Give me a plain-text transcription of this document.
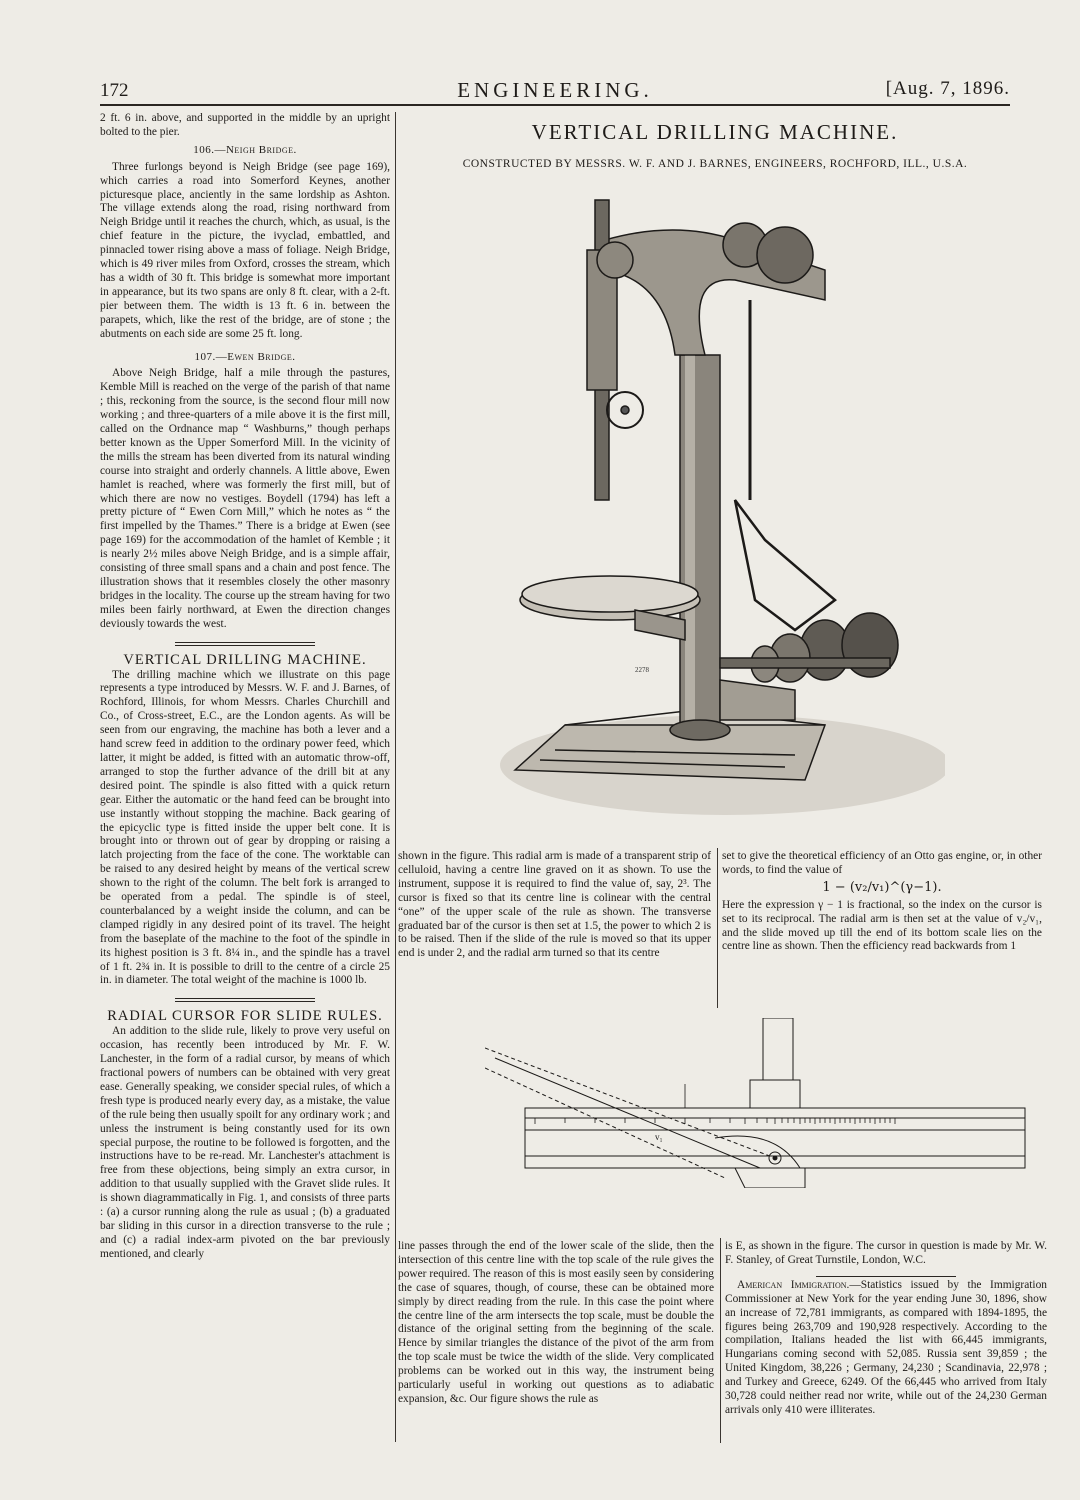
172	ENGINEERING.	[Aug. 7, 1896.

2 ft. 6 in. above, and supported in the middle by an upright bolted to the pier.

106.—Neigh Bridge.

Three furlongs beyond is Neigh Bridge (see page 169), which carries a road into Somerford Keynes, another picturesque place, anciently in the same lordship as Ashton. The village extends along the road, rising northward from Neigh Bridge until it reaches the church, which, as usual, is the chief feature in the picture, the ivyclad, embattled, and pinnacled tower rising above a mass of foliage. Neigh Bridge, which is 49 river miles from Oxford, crosses the stream, which has a width of 30 ft. This bridge is somewhat more important in appearance, but its two spans are only 8 ft. clear, with a 2-ft. pier between them. The width is 13 ft. 6 in. between the parapets, which, like the rest of the bridge, are of stone ; the abutments on each side are some 25 ft. long.

107.—Ewen Bridge.

Above Neigh Bridge, half a mile through the pastures, Kemble Mill is reached on the verge of the parish of that name ; this, reckoning from the source, is the second flour mill now working ; and three-quarters of a mile above it is the first mill, called on the Ordnance map “ Washburns,” though perhaps better known as the Upper Somerford Mill. In the vicinity of the mills the stream has been diverted from its natural winding course into straight and orderly channels. A little above, Ewen hamlet is reached, where was formerly the first mill, but of which there are now no vestiges. Boydell (1794) has left a pretty picture of “ Ewen Corn Mill,” which he notes as “ the first impelled by the Thames.” There is a bridge at Ewen (see page 169) for the accommodation of the hamlet of Kemble ; it is nearly 2½ miles above Neigh Bridge, and is a simple affair, consisting of three small spans and a chain and post fence. The illustration shows that it resembles closely the other masonry bridges in the locality. The course up the stream having for two miles been fairly northward, at Ewen the direction changes deviously towards the west.

VERTICAL DRILLING MACHINE.

The drilling machine which we illustrate on this page represents a type introduced by Messrs. W. F. and J. Barnes, of Rochford, Illinois, for whom Messrs. Charles Churchill and Co., of Cross-street, E.C., are the London agents. As will be seen from our engraving, the machine has both a lever and a hand screw feed in addition to the ordinary power feed, which latter, it might be added, is fitted with an automatic throw-off, arranged to stop the further advance of the drill bit at any desired point. The spindle is also fitted with a quick return gear. Either the automatic or the hand feed can be brought into use instantly without stopping the machine. Back gearing of the epicyclic type is fitted inside the upper belt cone. It is brought into or thrown out of gear by dropping or raising a latch projecting from the face of the cone. The worktable can be raised to any desired height by means of the vertical screw shown to the right of the column. The belt fork is arranged to be operated from a pedal. The spindle is of steel, counterbalanced by a weight inside the column, and can be clamped rigidly in any desired point of its travel. The height from the baseplate of the machine to the foot of the spindle in its highest position is 3 ft. 8¼ in., and the spindle has a travel of 1 ft. 2¾ in. It is possible to drill to the centre of a circle 25 in. in diameter. The total weight of the machine is 1000 lb.

RADIAL CURSOR FOR SLIDE RULES.

An addition to the slide rule, likely to prove very useful on occasion, has recently been introduced by Mr. F. W. Lanchester, in the form of a radial cursor, by means of which fractional powers of numbers can be obtained with very great ease. Generally speaking, we consider special rules, of which a fresh type is produced nearly every day, as a mistake, the value of the rule being then usually spoilt for any ordinary work ; and unless the instrument is being constantly used for its own special purpose, the routine to be followed is forgotten, and the instructions have to be re-read. Mr. Lanchester's attachment is free from these objections, being simply an extra cursor, in addition to that usually supplied with the Gravet slide rules. It is shown diagrammatically in Fig. 1, and consists of three parts : (a) a cursor running along the rule as usual ; (b) a graduated bar sliding in this cursor in a direction transverse to the rule ; and (c) a radial index-arm pivoted on the bar previously mentioned, and clearly

VERTICAL DRILLING MACHINE.
CONSTRUCTED BY MESSRS. W. F. AND J. BARNES, ENGINEERS, ROCHFORD, ILL., U.S.A.
2278

shown in the figure. This radial arm is made of a transparent strip of celluloid, having a centre line graved on it as shown. To use the instrument, suppose it is required to find the value of, say, 2³. The cursor is fixed so that its centre line is colinear with the central “one” of the upper scale of the rule as shown. The transverse graduated bar of the cursor is then set at 1.5, the power to which 2 is to be raised. Then if the slide of the rule is moved so that its upper end is under 2, and the radial arm turned so that its centre

set to give the theoretical efficiency of an Otto gas engine, or, in other words, to find the value of

1 − (v₂/v₁)^(γ−1).

Here the expression γ − 1 is fractional, so the index on the cursor is set to its reciprocal. The radial arm is then set at the value of v₂/v₁, and the slide moved up till the end of its bottom scale lies on the centre line as shown. Then the efficiency read backwards from 1

v₁

line passes through the end of the lower scale of the slide, then the intersection of this centre line with the top scale of the rule gives the power required. The reason of this is most easily seen by considering the case of squares, though, of course, these can be obtained more simply by direct reading from the rule. In this case the point where the centre line of the arm intersects the top scale, must be double the distance of the original setting from the beginning of the scale. Hence by similar triangles the distance of the pivot of the arm from the top scale must be twice the width of the slide. Very complicated problems can be worked out in this way, the instrument being particularly useful in working out questions as to adiabatic expansion, &c. Our figure shows the rule as

is E, as shown in the figure. The cursor in question is made by Mr. W. F. Stanley, of Great Turnstile, London, W.C.

American Immigration.—Statistics issued by the Immigration Commissioner at New York for the year ending June 30, 1896, show an increase of 72,781 immigrants, as compared with 1894-1895, the figures being 263,709 and 190,928 respectively. According to the compilation, Italians headed the list with 66,445 immigrants, Hungarians coming second with 52,085. Russia sent 39,859 ; the United Kingdom, 38,226 ; Germany, 24,230 ; Scandinavia, 22,978 ; and Turkey and Greece, 6249. Of the 66,445 who arrived from Italy 30,728 could neither read nor write, while out of the 24,230 German arrivals only 410 were illiterates.
